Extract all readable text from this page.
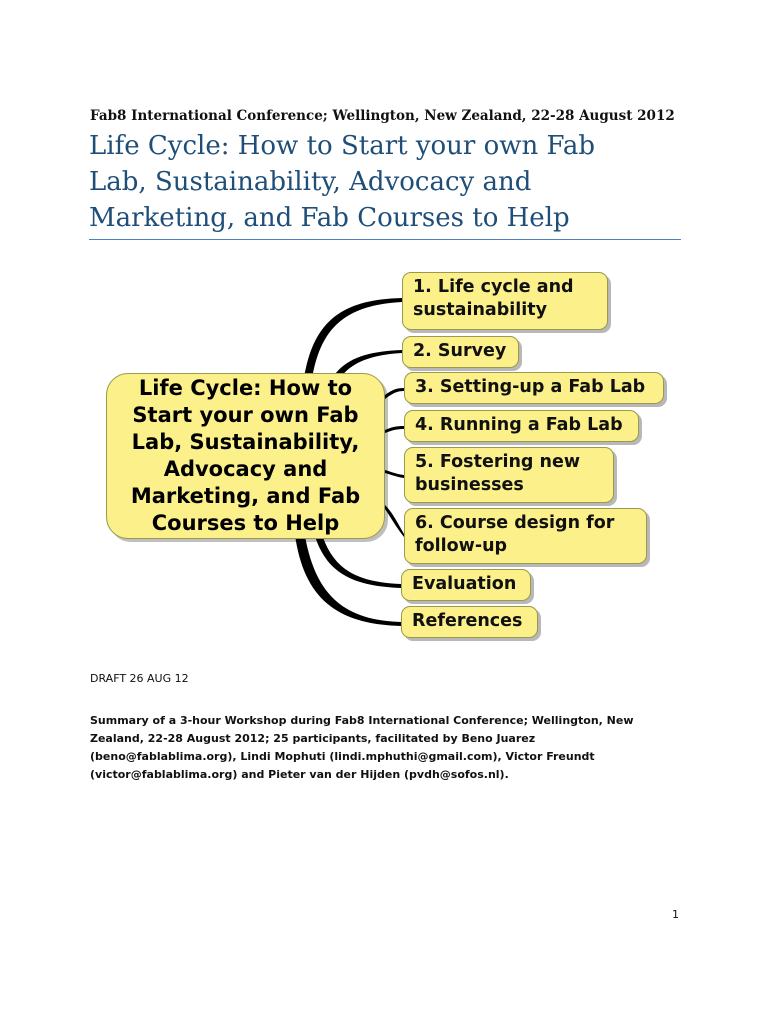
Fab8 International Conference; Wellington, New Zealand, 22-28 August 2012
Life Cycle: How to Start your own Fab Lab, Sustainability, Advocacy and Marketing, and Fab Courses to Help
Life Cycle: How to Start your own Fab Lab, Sustainability, Advocacy and Marketing, and Fab Courses to Help
1. Life cycle and
sustainability
2. Survey
3. Setting-up a Fab Lab
4. Running a Fab Lab
5. Fostering new
businesses
6. Course design for
follow-up
Evaluation
References
DRAFT 26 AUG 12
Summary of a 3-hour Workshop during Fab8 International Conference; Wellington, New Zealand, 22-28 August 2012; 25 participants, facilitated by Beno Juarez (beno@fablablima.org), Lindi Mophuti (lindi.mphuthi@gmail.com), Victor Freundt (victor@fablablima.org) and Pieter van der Hijden (pvdh@sofos.nl).
1
